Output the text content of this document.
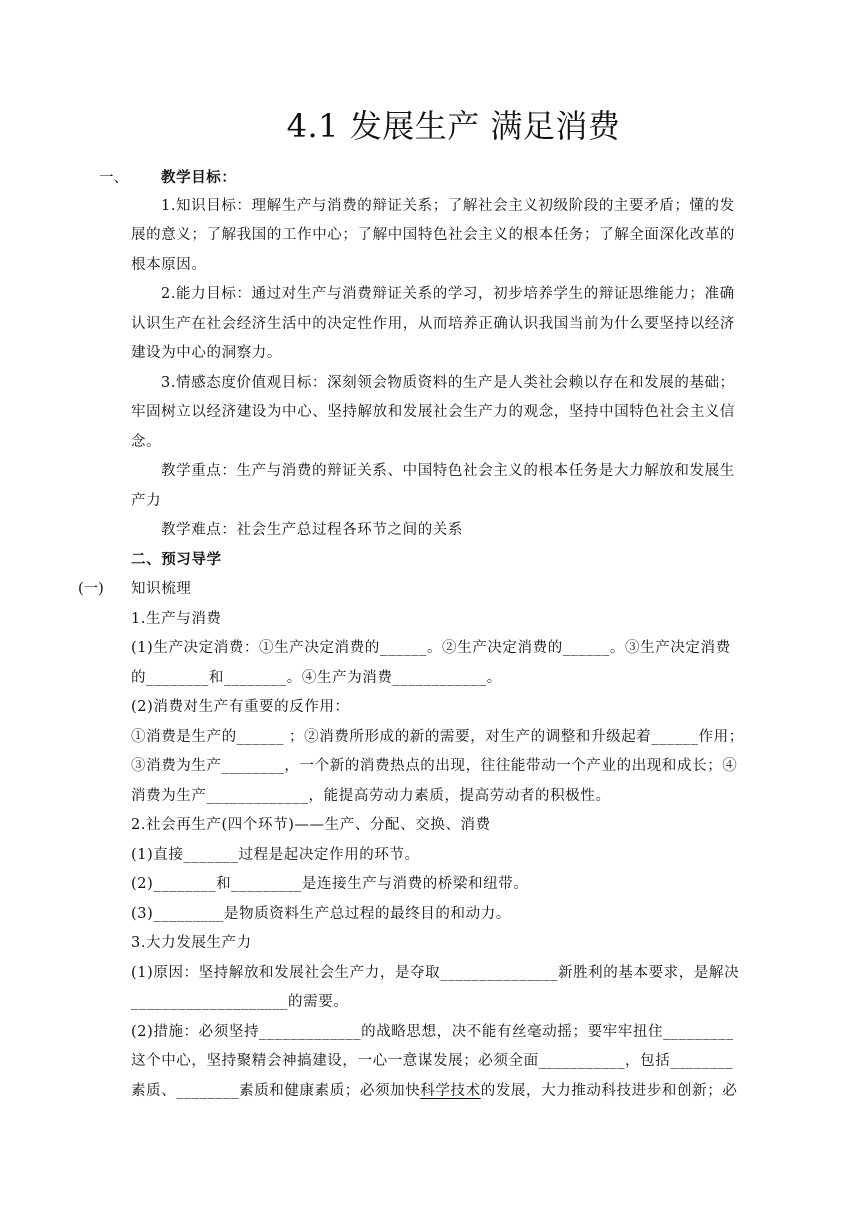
4.1 发展生产 满足消费
一、 教学目标：
1.知识目标：理解生产与消费的辩证关系；了解社会主义初级阶段的主要矛盾；懂的发
展的意义；了解我国的工作中心；了解中国特色社会主义的根本任务；了解全面深化改革的
根本原因。
2.能力目标：通过对生产与消费辩证关系的学习，初步培养学生的辩证思维能力；准确
认识生产在社会经济生活中的决定性作用，从而培养正确认识我国当前为什么要坚持以经济
建设为中心的洞察力。
3.情感态度价值观目标：深刻领会物质资料的生产是人类社会赖以存在和发展的基础；
牢固树立以经济建设为中心、坚持解放和发展社会生产力的观念，坚持中国特色社会主义信
念。
教学重点：生产与消费的辩证关系、中国特色社会主义的根本任务是大力解放和发展生
产力
教学难点：社会生产总过程各环节之间的关系
二、预习导学
(一) 知识梳理
1.生产与消费
(1)生产决定消费：①生产决定消费的______。②生产决定消费的______。③生产决定消费
的________和________。④生产为消费____________。
(2)消费对生产有重要的反作用：
①消费是生产的______ ；②消费所形成的新的需要，对生产的调整和升级起着______作用；
③消费为生产________，一个新的消费热点的出现，往往能带动一个产业的出现和成长；④
消费为生产_____________，能提高劳动力素质，提高劳动者的积极性。
2.社会再生产(四个环节)——生产、分配、交换、消费
(1)直接_______过程是起决定作用的环节。
(2)________和_________是连接生产与消费的桥梁和纽带。
(3)_________是物质资料生产总过程的最终目的和动力。
3.大力发展生产力
(1)原因：坚持解放和发展社会生产力，是夺取_______________新胜利的基本要求，是解决
____________________的需要。
(2)措施：必须坚持_____________的战略思想，决不能有丝毫动摇；要牢牢扭住_________
这个中心，坚持聚精会神搞建设，一心一意谋发展；必须全面___________，包括________
素质、________素质和健康素质；必须加快科学技术的发展，大力推动科技进步和创新；必
